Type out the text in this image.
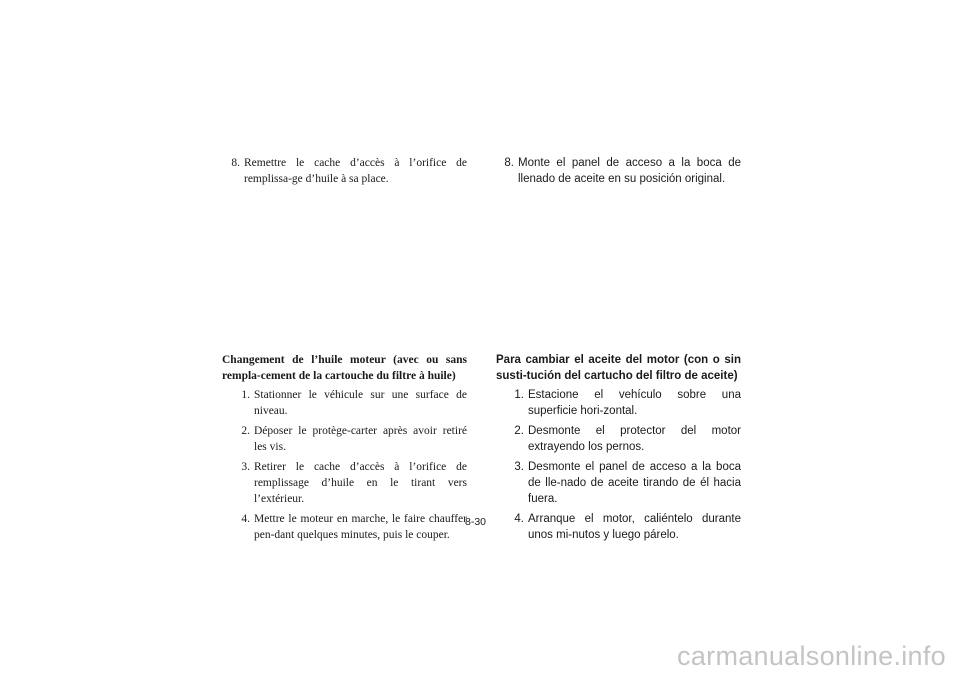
8. Remettre le cache d’accès à l’orifice de remplissa-ge d’huile à sa place.
8. Monte el panel de acceso a la boca de llenado de aceite en su posición original.
Changement de l’huile moteur (avec ou sans rempla-cement de la cartouche du filtre à huile)
1. Stationner le véhicule sur une surface de niveau.
2. Déposer le protège-carter après avoir retiré les vis.
3. Retirer le cache d’accès à l’orifice de remplissage d’huile en le tirant vers l’extérieur.
4. Mettre le moteur en marche, le faire chauffer pen-dant quelques minutes, puis le couper.
Para cambiar el aceite del motor (con o sin susti-tución del cartucho del filtro de aceite)
1. Estacione el vehículo sobre una superficie hori-zontal.
2. Desmonte el protector del motor extrayendo los pernos.
3. Desmonte el panel de acceso a la boca de lle-nado de aceite tirando de él hacia fuera.
4. Arranque el motor, caliéntelo durante unos mi-nutos y luego párelo.
8-30
carmanualsonline.info
